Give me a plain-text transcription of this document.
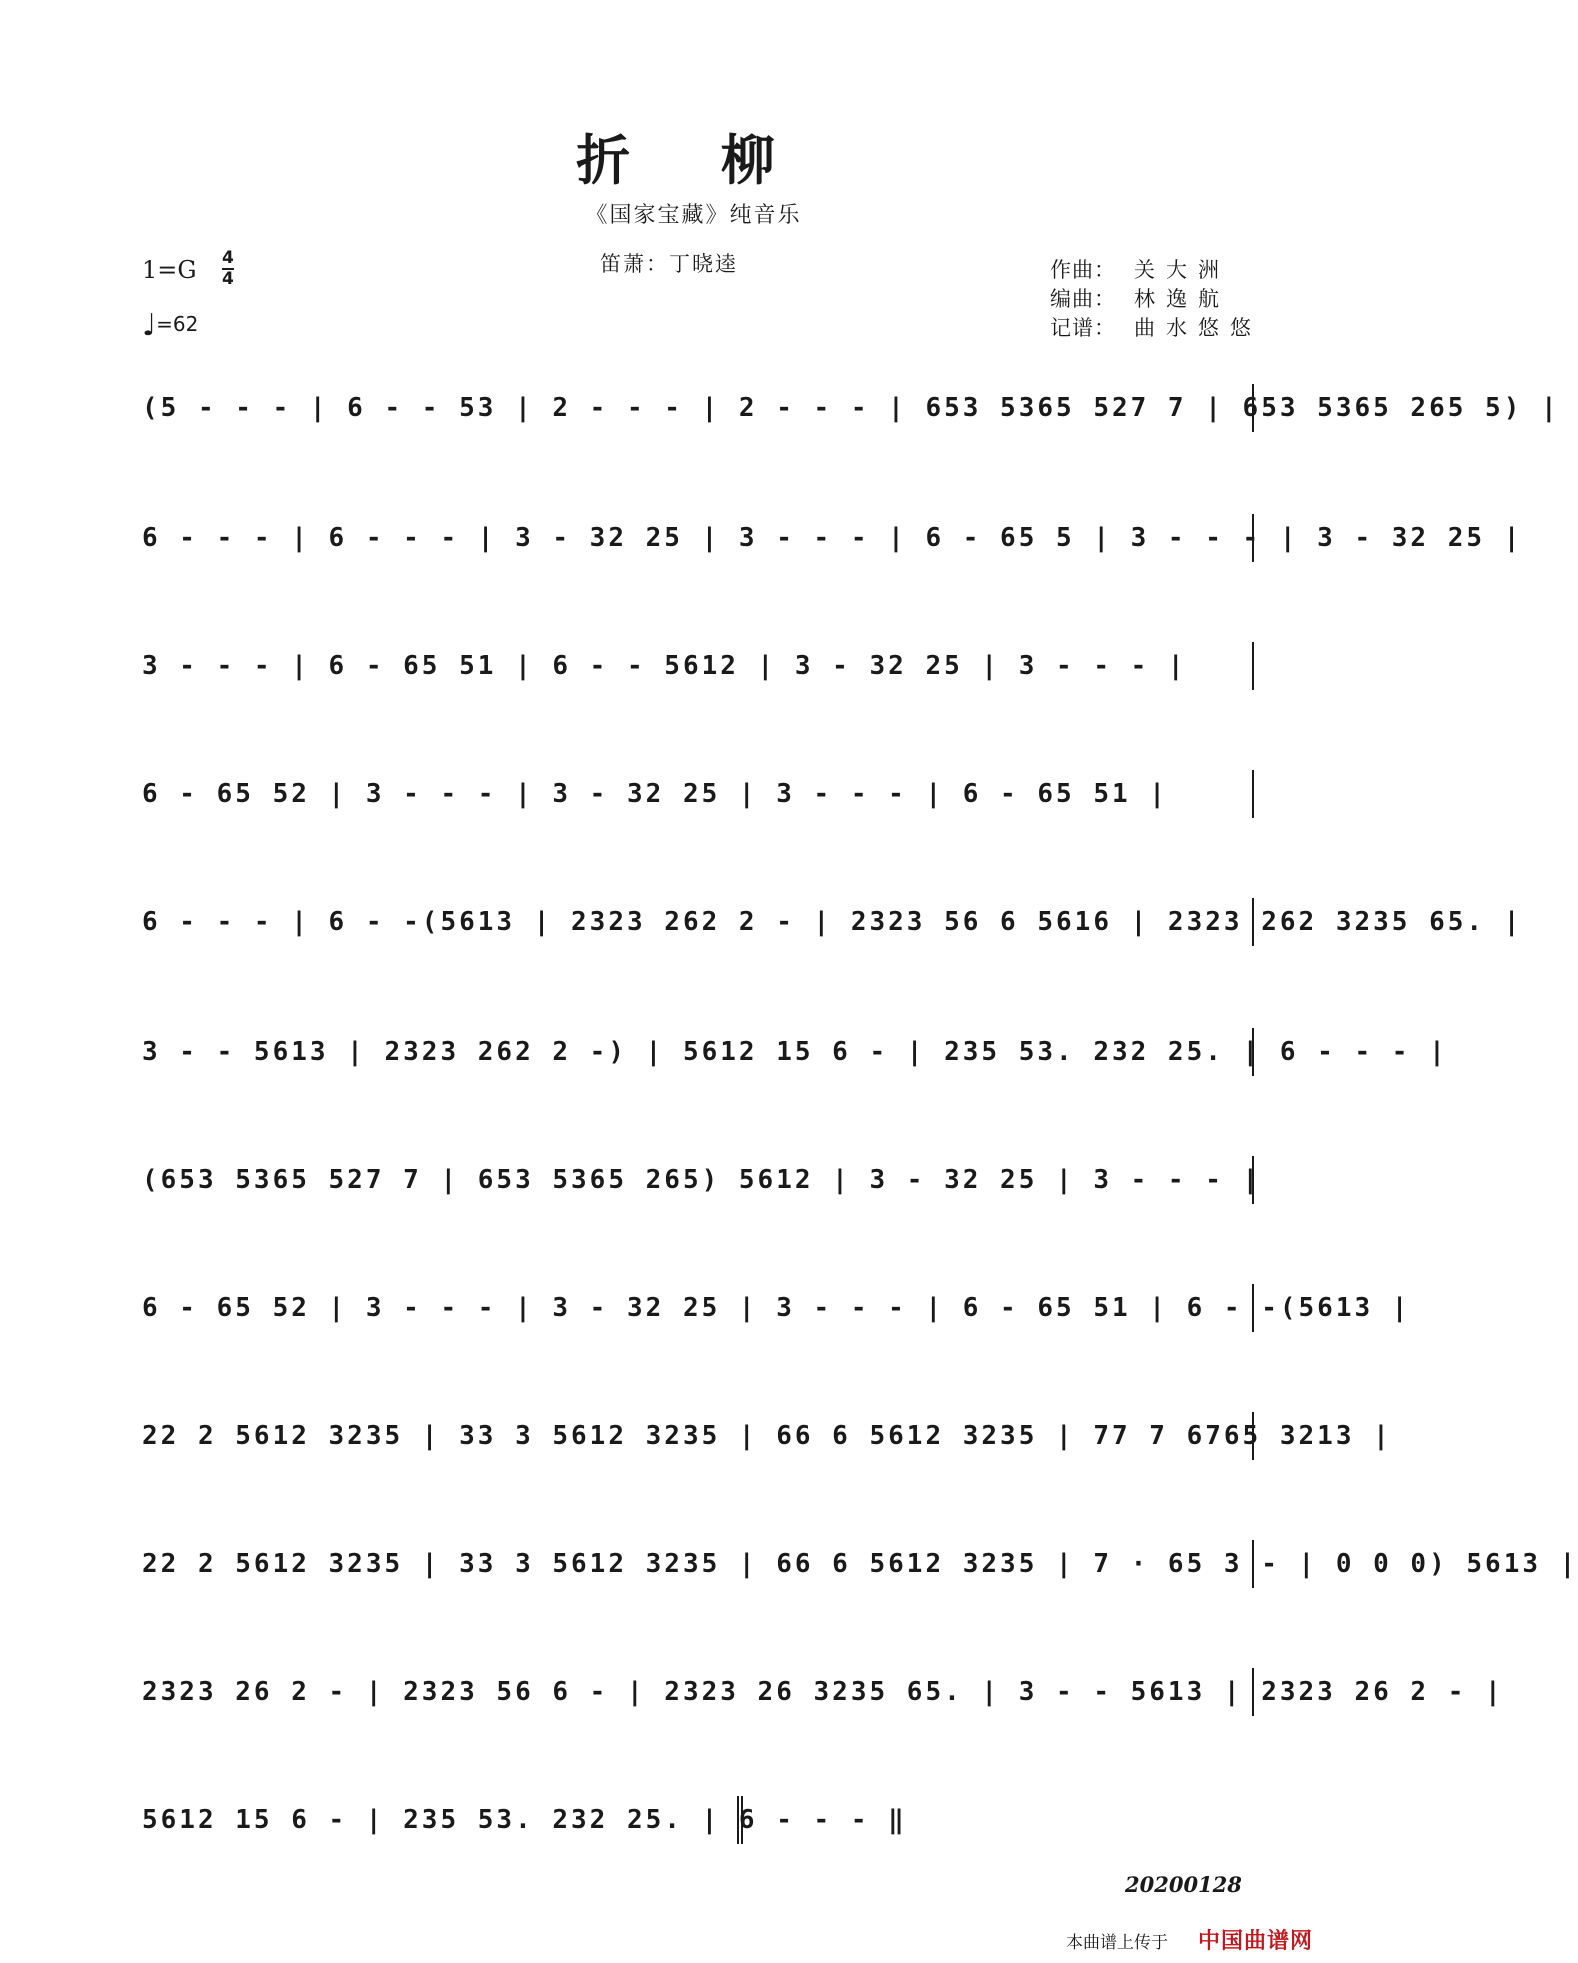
折 柳
《国家宝藏》纯音乐
笛萧：丁晓逵
1=G 4
4
♩=62
作曲： 关大洲
编曲： 林逸航
记谱： 曲水悠悠
(5 - - - | 6 - - 53 | 2 - - - | 2 - - - | 653 5365 527 7 | 653 5365 265 5) |
6 - - - | 6 - - - | 3 - 32 25 | 3 - - - | 6 - 65 5 | 3 - - - | 3 - 32 25 |
3 - - - | 6 - 65 51 | 6 - - 5612 | 3 - 32 25 | 3 - - - |
6 - 65 52 | 3 - - - | 3 - 32 25 | 3 - - - | 6 - 65 51 |
6 - - - | 6 - -(5613 | 2323 262 2 - | 2323 56 6 5616 | 2323 262 3235 65. |
3 - - 5613 | 2323 262 2 -) | 5612 15 6 - | 235 53. 232 25. | 6 - - - |
(653 5365 527 7 | 653 5365 265) 5612 | 3 - 32 25 | 3 - - - |
6 - 65 52 | 3 - - - | 3 - 32 25 | 3 - - - | 6 - 65 51 | 6 - -(5613 |
22 2 5612 3235 | 33 3 5612 3235 | 66 6 5612 3235 | 77 7 6765 3213 |
22 2 5612 3235 | 33 3 5612 3235 | 66 6 5612 3235 | 7 · 65 3 - | 0 0 0) 5613 |
2323 26 2 - | 2323 56 6 - | 2323 26 3235 65. | 3 - - 5613 | 2323 26 2 - |
5612 15 6 - | 235 53. 232 25. | 6 - - - ‖
20200128
本曲谱上传于 中国曲谱网
